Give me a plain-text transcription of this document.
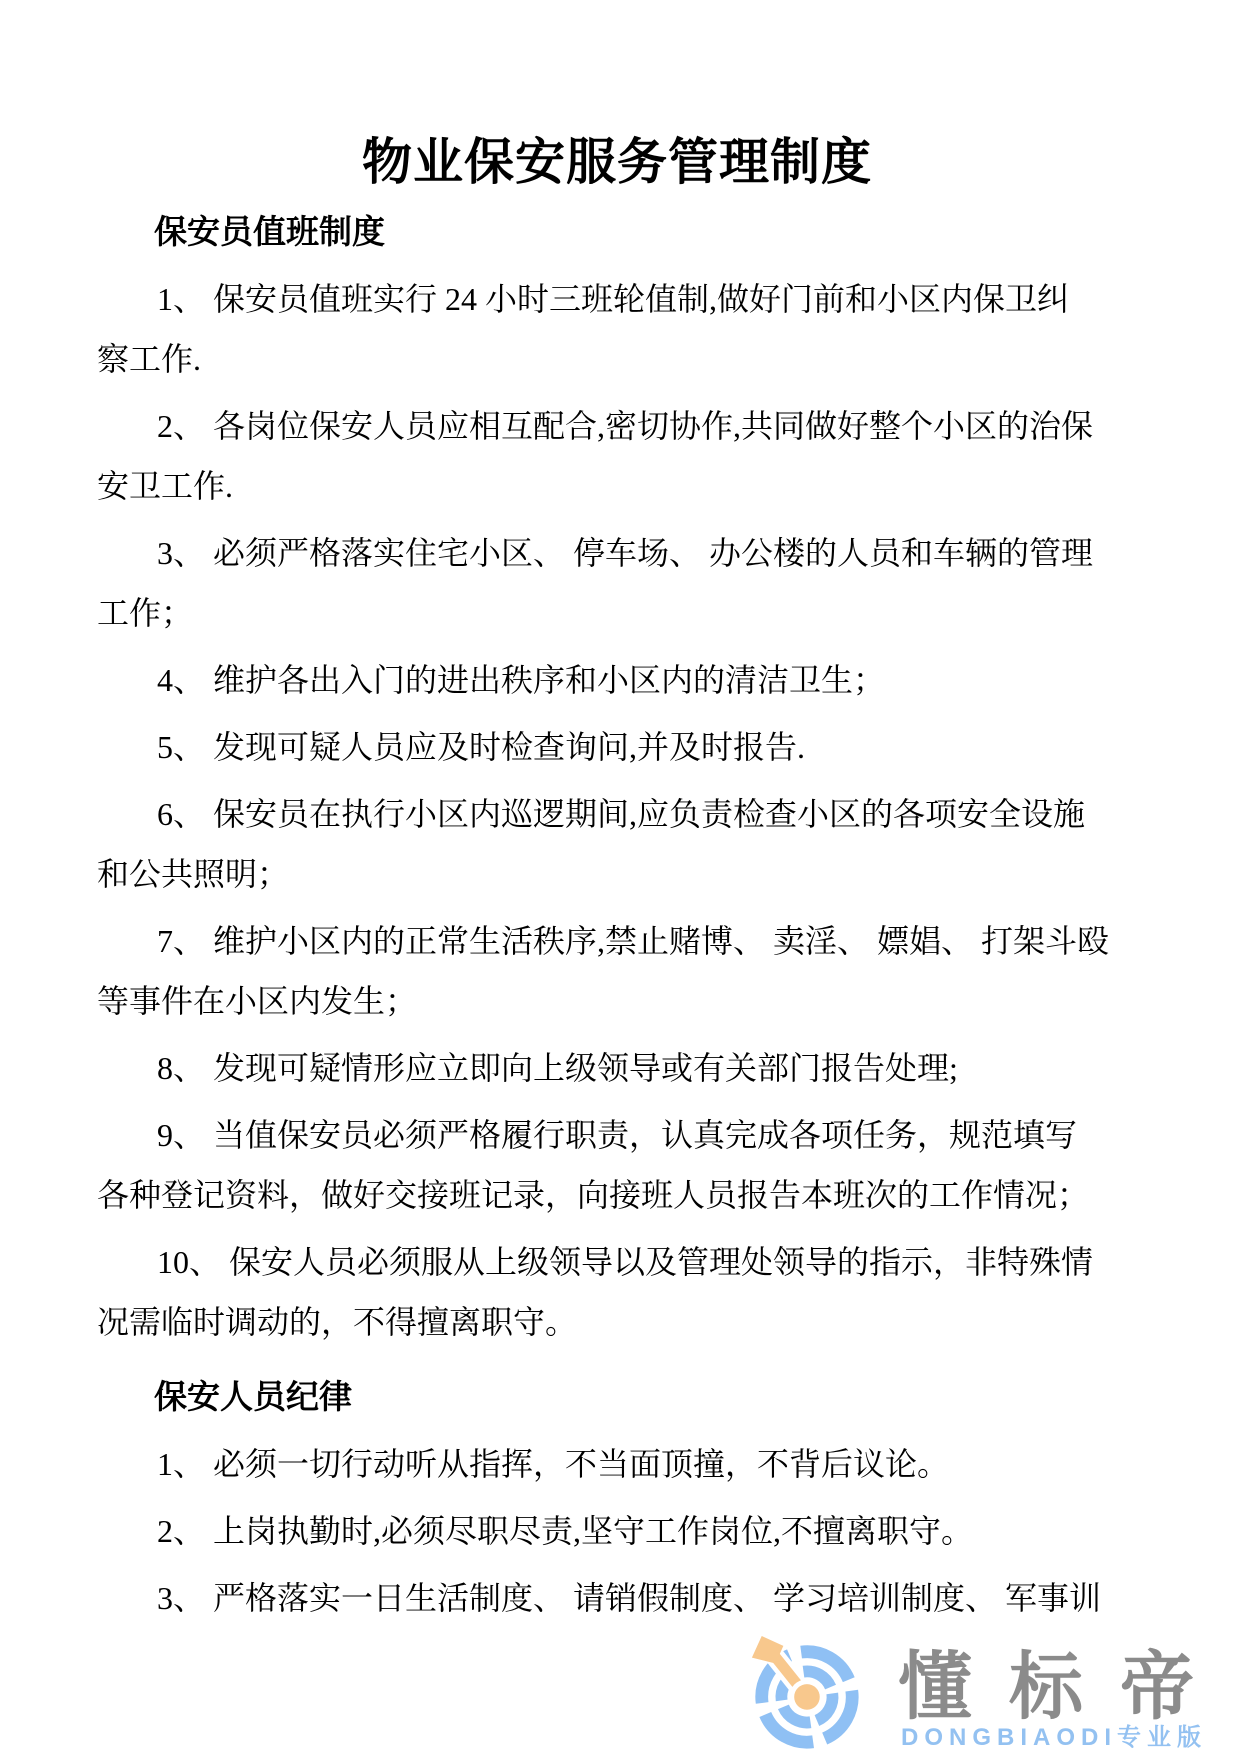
物业保安服务管理制度
保安员值班制度
1、 保安员值班实行 24 小时三班轮值制,做好门前和小区内保卫纠
察工作.
2、 各岗位保安人员应相互配合,密切协作,共同做好整个小区的治保
安卫工作.
3、 必须严格落实住宅小区、 停车场、 办公楼的人员和车辆的管理
工作；
4、 维护各出入门的进出秩序和小区内的清洁卫生；
5、 发现可疑人员应及时检查询问,并及时报告.
6、 保安员在执行小区内巡逻期间,应负责检查小区的各项安全设施
和公共照明；
7、 维护小区内的正常生活秩序,禁止赌博、 卖淫、 嫖娼、 打架斗殴
等事件在小区内发生；
8、 发现可疑情形应立即向上级领导或有关部门报告处理;
9、 当值保安员必须严格履行职责，认真完成各项任务，规范填写
各种登记资料，做好交接班记录，向接班人员报告本班次的工作情况；
10、 保安人员必须服从上级领导以及管理处领导的指示，非特殊情
况需临时调动的，不得擅离职守。
保安人员纪律
1、 必须一切行动听从指挥，不当面顶撞，不背后议论。
2、 上岗执勤时,必须尽职尽责,坚守工作岗位,不擅离职守。
3、 严格落实一日生活制度、 请销假制度、 学习培训制度、 军事训
懂标帝
DONGBIAODI专业版
